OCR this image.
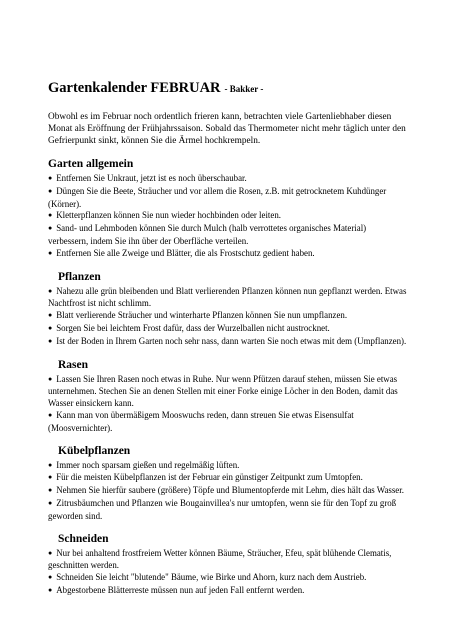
Gartenkalender FEBRUAR - Bakker -

Obwohl es im Februar noch ordentlich frieren kann, betrachten viele Gartenliebhaber diesen Monat als Eröffnung der Frühjahrssaison. Sobald das Thermometer nicht mehr täglich unter den Gefrierpunkt sinkt, können Sie die Ärmel hochkrempeln.

Garten allgemein
● Entfernen Sie Unkraut, jetzt ist es noch überschaubar.
● Düngen Sie die Beete, Sträucher und vor allem die Rosen, z.B. mit getrocknetem Kuhdünger (Körner).
● Kletterpflanzen können Sie nun wieder hochbinden oder leiten.
● Sand- und Lehmboden können Sie durch Mulch (halb verrottetes organisches Material) verbessern, indem Sie ihn über der Oberfläche verteilen.
● Entfernen Sie alle Zweige und Blätter, die als Frostschutz gedient haben.
Pflanzen
● Nahezu alle grün bleibenden und Blatt verlierenden Pflanzen können nun gepflanzt werden. Etwas Nachtfrost ist nicht schlimm.
● Blatt verlierende Sträucher und winterharte Pflanzen können Sie nun umpflanzen.
● Sorgen Sie bei leichtem Frost dafür, dass der Wurzelballen nicht austrocknet.
● Ist der Boden in Ihrem Garten noch sehr nass, dann warten Sie noch etwas mit dem (Umpflanzen).
Rasen
● Lassen Sie Ihren Rasen noch etwas in Ruhe. Nur wenn Pfützen darauf stehen, müssen Sie etwas unternehmen. Stechen Sie an denen Stellen mit einer Forke einige Löcher in den Boden, damit das Wasser einsickern kann.
● Kann man von übermäßigem Mooswuchs reden, dann streuen Sie etwas Eisensulfat (Moosvernichter).
Kübelpflanzen
● Immer noch sparsam gießen und regelmäßig lüften.
● Für die meisten Kübelpflanzen ist der Februar ein günstiger Zeitpunkt zum Umtopfen.
● Nehmen Sie hierfür saubere (größere) Töpfe und Blumentopferde mit Lehm, dies hält das Wasser.
● Zitrusbäumchen und Pflanzen wie Bougainvillea's nur umtopfen, wenn sie für den Topf zu groß geworden sind.
Schneiden
● Nur bei anhaltend frostfreiem Wetter können Bäume, Sträucher, Efeu, spät blühende Clematis, geschnitten werden.
● Schneiden Sie leicht "blutende" Bäume, wie Birke und Ahorn, kurz nach dem Austrieb.
● Abgestorbene Blätterreste müssen nun auf jeden Fall entfernt werden.
